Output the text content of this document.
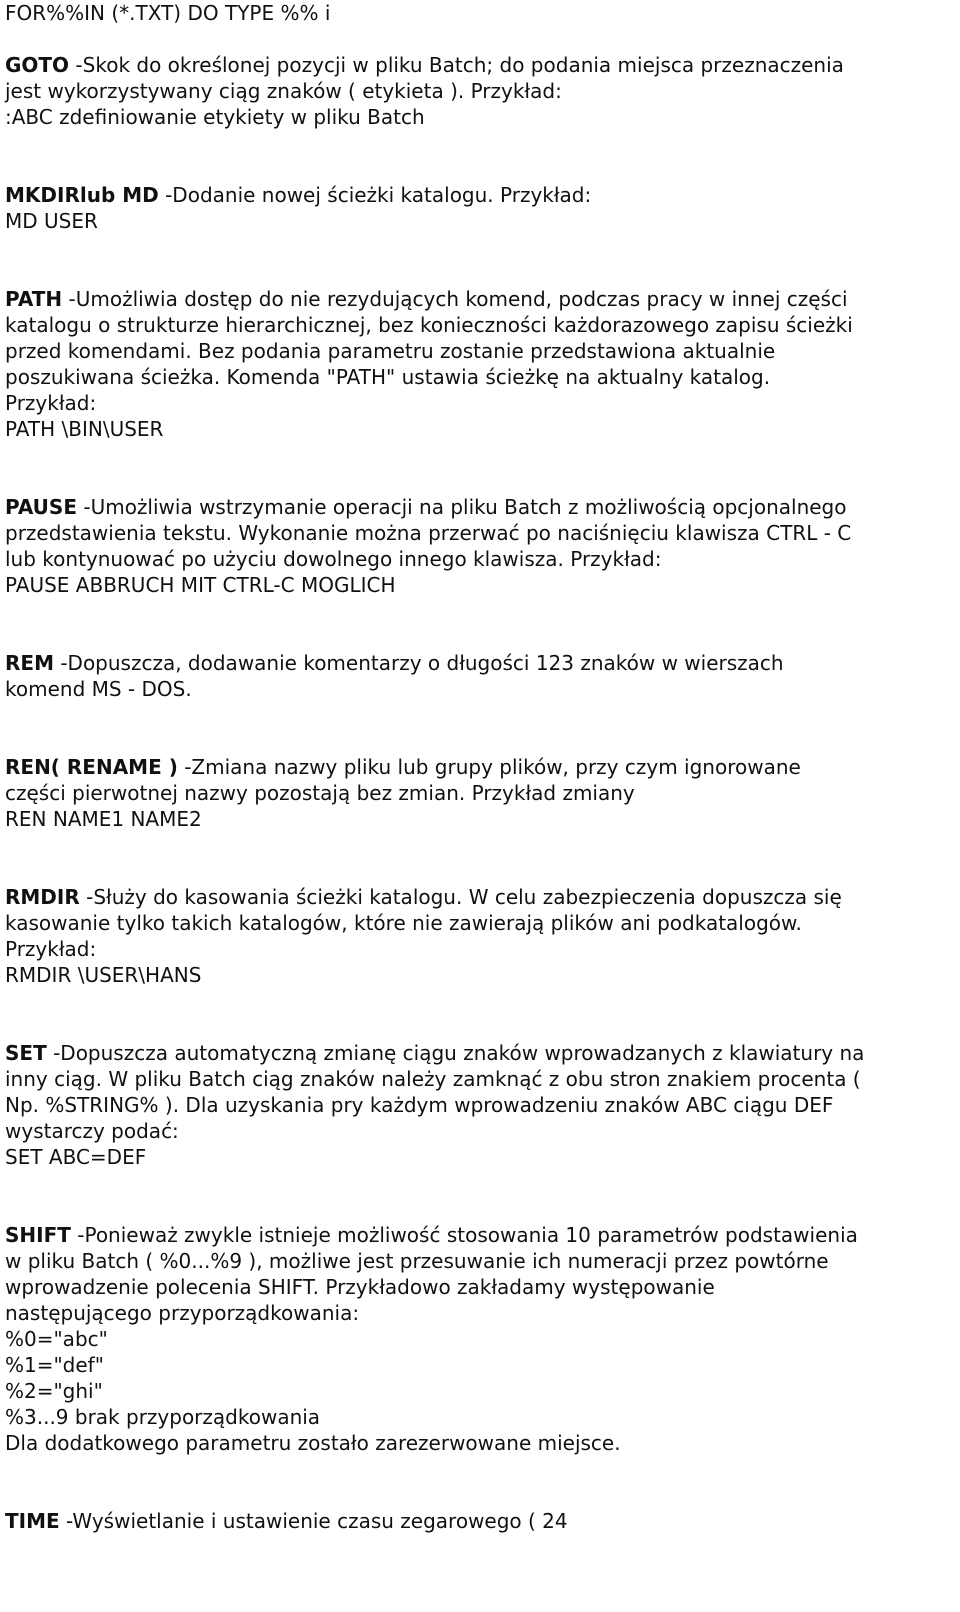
FOR%%IN (*.TXT) DO TYPE %% i
GOTO -Skok do określonej pozycji w pliku Batch; do podania miejsca przeznaczenia
jest wykorzystywany ciąg znaków ( etykieta ). Przykład:
:ABC zdefiniowanie etykiety w pliku Batch
MKDIRlub MD -Dodanie nowej ścieżki katalogu. Przykład:
MD USER
PATH -Umożliwia dostęp do nie rezydujących komend, podczas pracy w innej części
katalogu o strukturze hierarchicznej, bez konieczności każdorazowego zapisu ścieżki
przed komendami. Bez podania parametru zostanie przedstawiona aktualnie
poszukiwana ścieżka. Komenda "PATH" ustawia ścieżkę na aktualny katalog.
Przykład:
PATH \BIN\USER
PAUSE -Umożliwia wstrzymanie operacji na pliku Batch z możliwością opcjonalnego
przedstawienia tekstu. Wykonanie można przerwać po naciśnięciu klawisza CTRL - C
lub kontynuować po użyciu dowolnego innego klawisza. Przykład:
PAUSE ABBRUCH MIT CTRL-C MOGLICH
REM -Dopuszcza, dodawanie komentarzy o długości 123 znaków w wierszach
komend MS - DOS.
REN( RENAME ) -Zmiana nazwy pliku lub grupy plików, przy czym ignorowane
części pierwotnej nazwy pozostają bez zmian. Przykład zmiany
REN NAME1 NAME2
RMDIR -Służy do kasowania ścieżki katalogu. W celu zabezpieczenia dopuszcza się
kasowanie tylko takich katalogów, które nie zawierają plików ani podkatalogów.
Przykład:
RMDIR \USER\HANS
SET -Dopuszcza automatyczną zmianę ciągu znaków wprowadzanych z klawiatury na
inny ciąg. W pliku Batch ciąg znaków należy zamknąć z obu stron znakiem procenta (
Np. %STRING% ). Dla uzyskania pry każdym wprowadzeniu znaków ABC ciągu DEF
wystarczy podać:
SET ABC=DEF
SHIFT -Ponieważ zwykle istnieje możliwość stosowania 10 parametrów podstawienia
w pliku Batch ( %0...%9 ), możliwe jest przesuwanie ich numeracji przez powtórne
wprowadzenie polecenia SHIFT. Przykładowo zakładamy występowanie
następującego przyporządkowania:
%0="abc"
%1="def"
%2="ghi"
%3...9 brak przyporządkowania
Dla dodatkowego parametru zostało zarezerwowane miejsce.
TIME -Wyświetlanie i ustawienie czasu zegarowego ( 24
